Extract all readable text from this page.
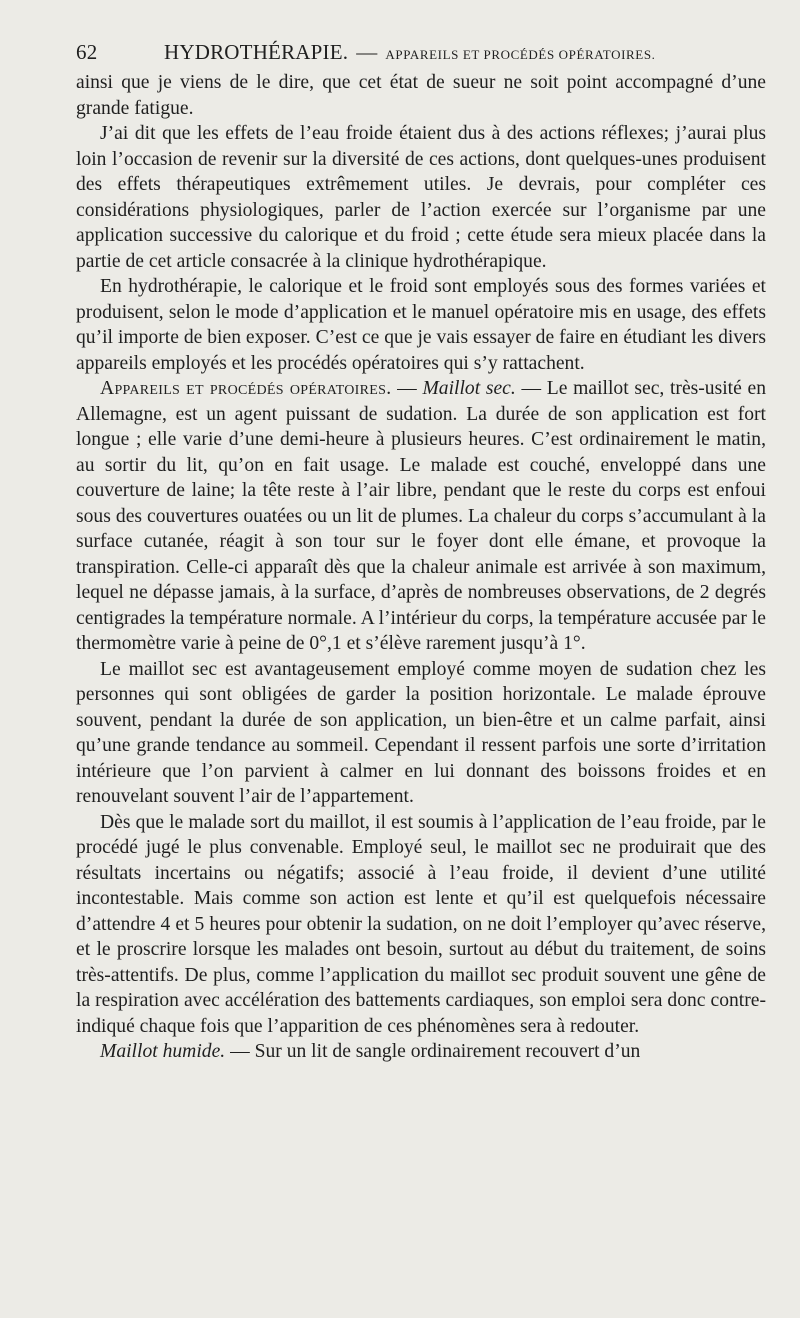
62	HYDROTHÉRAPIE. — APPAREILS ET PROCÉDÉS OPÉRATOIRES.

ainsi que je viens de le dire, que cet état de sueur ne soit point accompagné d’une grande fatigue.

J’ai dit que les effets de l’eau froide étaient dus à des actions réflexes; j’aurai plus loin l’occasion de revenir sur la diversité de ces actions, dont quelques-unes produisent des effets thérapeutiques extrêmement utiles. Je devrais, pour compléter ces considérations physiologiques, parler de l’action exercée sur l’organisme par une application successive du calorique et du froid ; cette étude sera mieux placée dans la partie de cet article consacrée à la clinique hydrothérapique.

En hydrothérapie, le calorique et le froid sont employés sous des formes variées et produisent, selon le mode d’application et le manuel opératoire mis en usage, des effets qu’il importe de bien exposer. C’est ce que je vais essayer de faire en étudiant les divers appareils employés et les procédés opératoires qui s’y rattachent.

Appareils et procédés opératoires. — Maillot sec. — Le maillot sec, très-usité en Allemagne, est un agent puissant de sudation. La durée de son application est fort longue ; elle varie d’une demi-heure à plusieurs heures. C’est ordinairement le matin, au sortir du lit, qu’on en fait usage. Le malade est couché, enveloppé dans une couverture de laine; la tête reste à l’air libre, pendant que le reste du corps est enfoui sous des couvertures ouatées ou un lit de plumes. La chaleur du corps s’accumulant à la surface cutanée, réagit à son tour sur le foyer dont elle émane, et provoque la transpiration. Celle-ci apparaît dès que la chaleur animale est arrivée à son maximum, lequel ne dépasse jamais, à la surface, d’après de nombreuses observations, de 2 degrés centigrades la température normale. A l’intérieur du corps, la température accusée par le thermomètre varie à peine de 0°,1 et s’élève rarement jusqu’à 1°.

Le maillot sec est avantageusement employé comme moyen de sudation chez les personnes qui sont obligées de garder la position horizontale. Le malade éprouve souvent, pendant la durée de son application, un bien-être et un calme parfait, ainsi qu’une grande tendance au sommeil. Cependant il ressent parfois une sorte d’irritation intérieure que l’on parvient à calmer en lui donnant des boissons froides et en renouvelant souvent l’air de l’appartement.

Dès que le malade sort du maillot, il est soumis à l’application de l’eau froide, par le procédé jugé le plus convenable. Employé seul, le maillot sec ne produirait que des résultats incertains ou négatifs; associé à l’eau froide, il devient d’une utilité incontestable. Mais comme son action est lente et qu’il est quelquefois nécessaire d’attendre 4 et 5 heures pour obtenir la sudation, on ne doit l’employer qu’avec réserve, et le proscrire lorsque les malades ont besoin, surtout au début du traitement, de soins très-attentifs. De plus, comme l’application du maillot sec produit souvent une gêne de la respiration avec accélération des battements cardiaques, son emploi sera donc contre-indiqué chaque fois que l’apparition de ces phénomènes sera à redouter.

Maillot humide. — Sur un lit de sangle ordinairement recouvert d’un
